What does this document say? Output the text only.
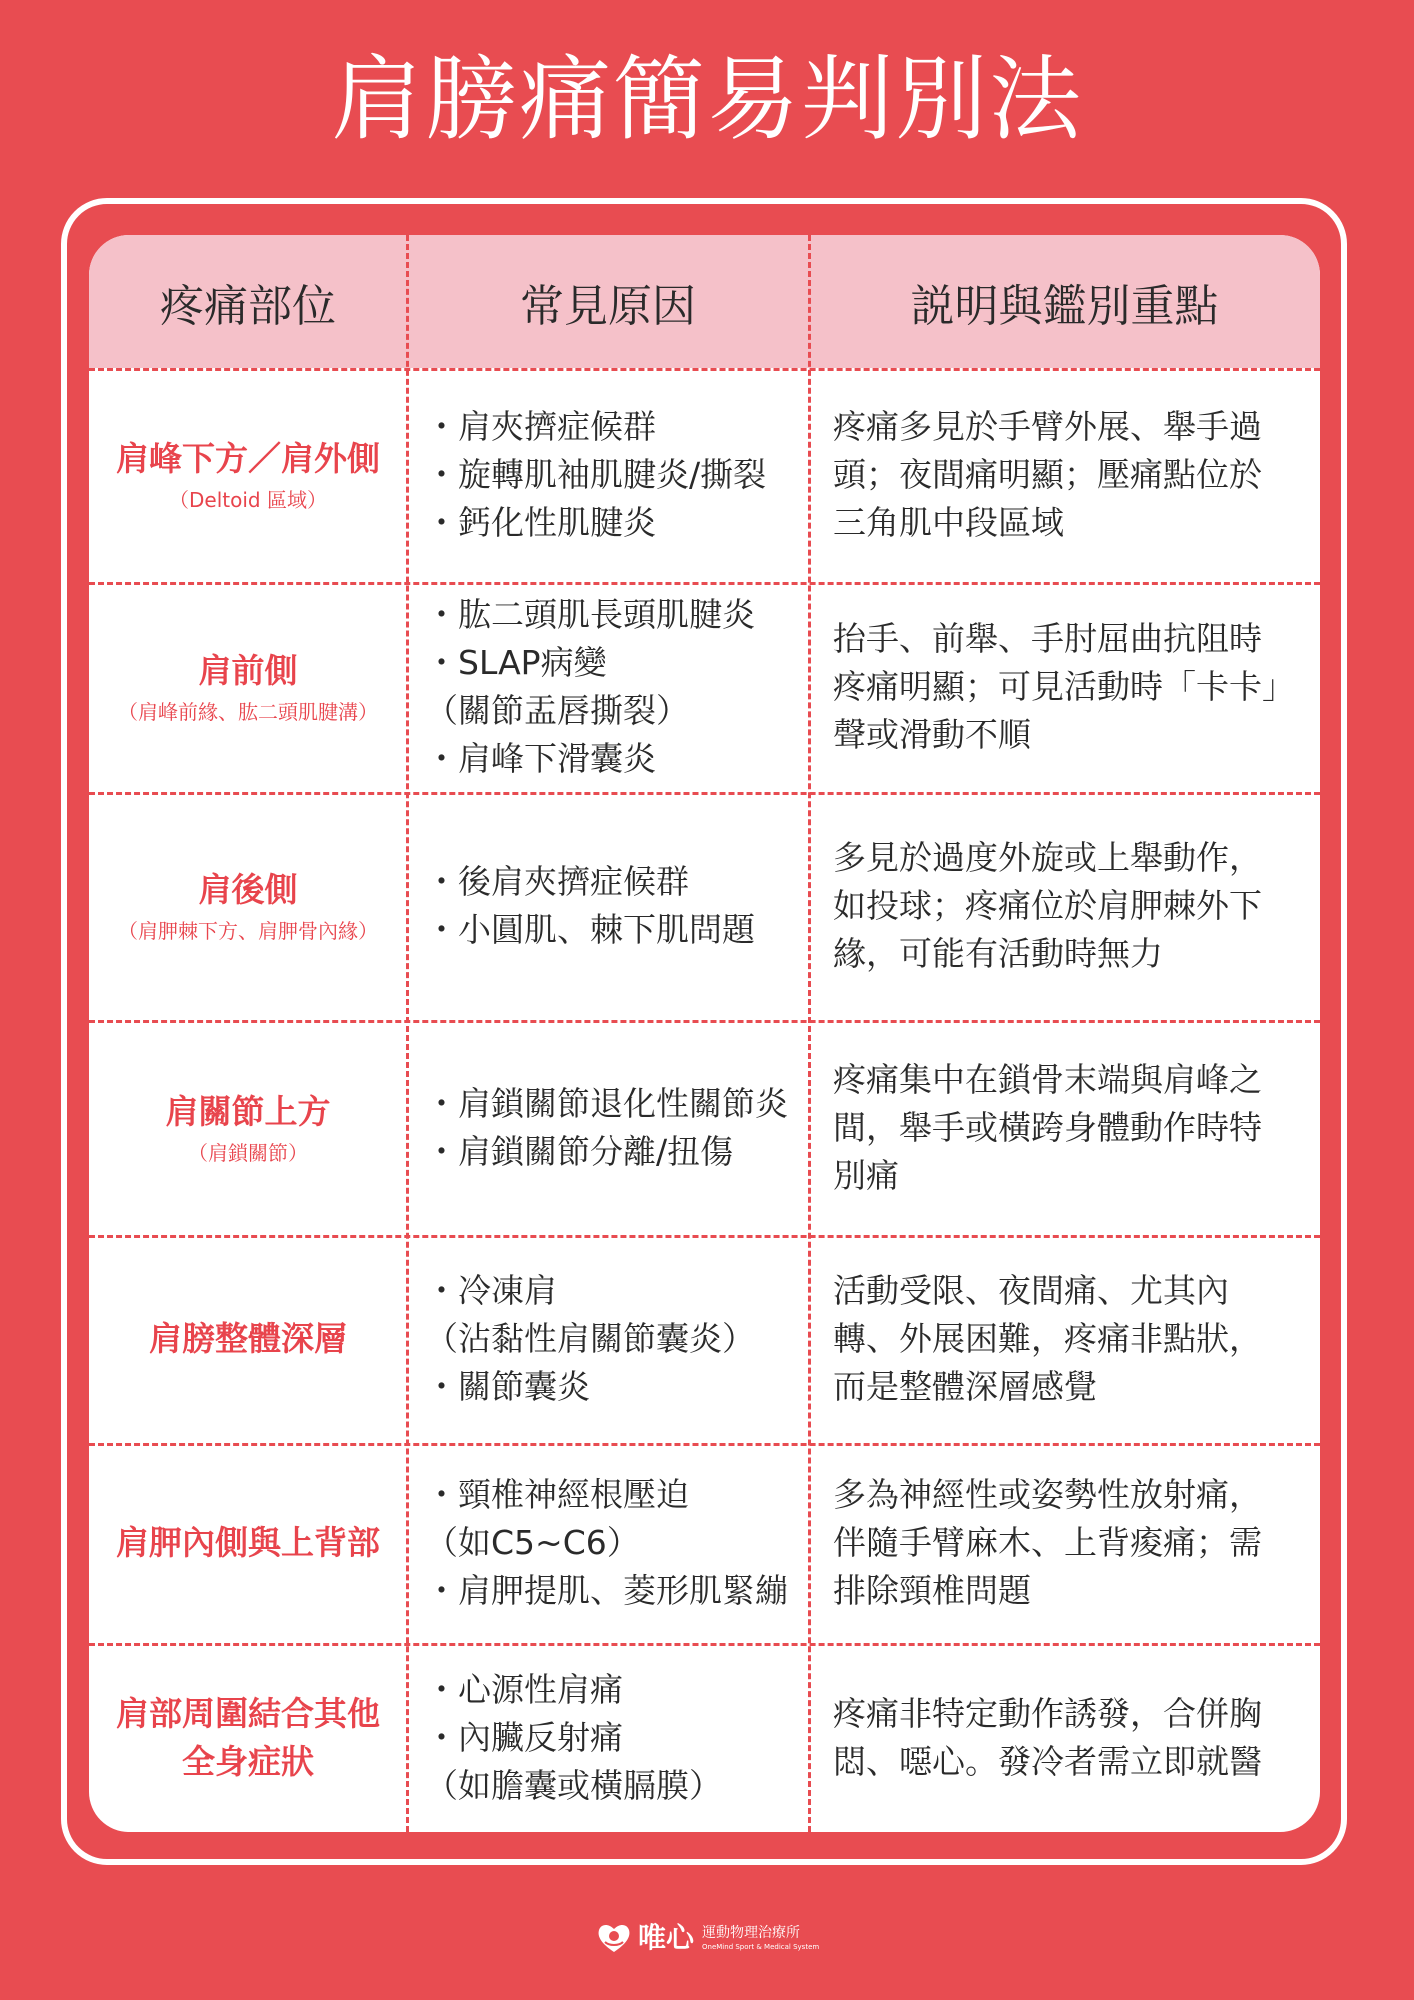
肩膀痛簡易判別法
疼痛部位	常見原因	説明與鑑別重點
肩峰下方／肩外側
（Deltoid 區域）
・ 肩夾擠症候群
・ 旋轉肌袖肌腱炎/撕裂
・ 鈣化性肌腱炎
疼痛多見於手臂外展、舉手過
頭；夜間痛明顯；壓痛點位於
三角肌中段區域
肩前側
（肩峰前緣、肱二頭肌腱溝）
・ 肱二頭肌長頭肌腱炎
・ SLAP病變
（關節盂唇撕裂）
・ 肩峰下滑囊炎
抬手、前舉、手肘屈曲抗阻時
疼痛明顯；可見活動時「卡卡」
聲或滑動不順
肩後側
（肩胛棘下方、肩胛骨內緣）
・ 後肩夾擠症候群
・ 小圓肌、棘下肌問題
多見於過度外旋或上舉動作，
如投球；疼痛位於肩胛棘外下
緣，可能有活動時無力
肩關節上方
（肩鎖關節）
・ 肩鎖關節退化性關節炎
・ 肩鎖關節分離/扭傷
疼痛集中在鎖骨末端與肩峰之
間，舉手或橫跨身體動作時特
別痛
肩膀整體深層
・ 冷凍肩
（沾黏性肩關節囊炎）
・ 關節囊炎
活動受限、夜間痛、尤其內
轉、外展困難，疼痛非點狀，
而是整體深層感覺
肩胛內側與上背部
・ 頸椎神經根壓迫
（如C5~C6）
・ 肩胛提肌、菱形肌緊繃
多為神經性或姿勢性放射痛，
伴隨手臂麻木、上背痠痛；需
排除頸椎問題
肩部周圍結合其他
全身症狀
・ 心源性肩痛
・ 內臟反射痛
（如膽囊或橫膈膜）
疼痛非特定動作誘發，合併胸
悶、噁心。發冷者需立即就醫
唯心 運動物理治療所
OneMind Sport & Medical System
